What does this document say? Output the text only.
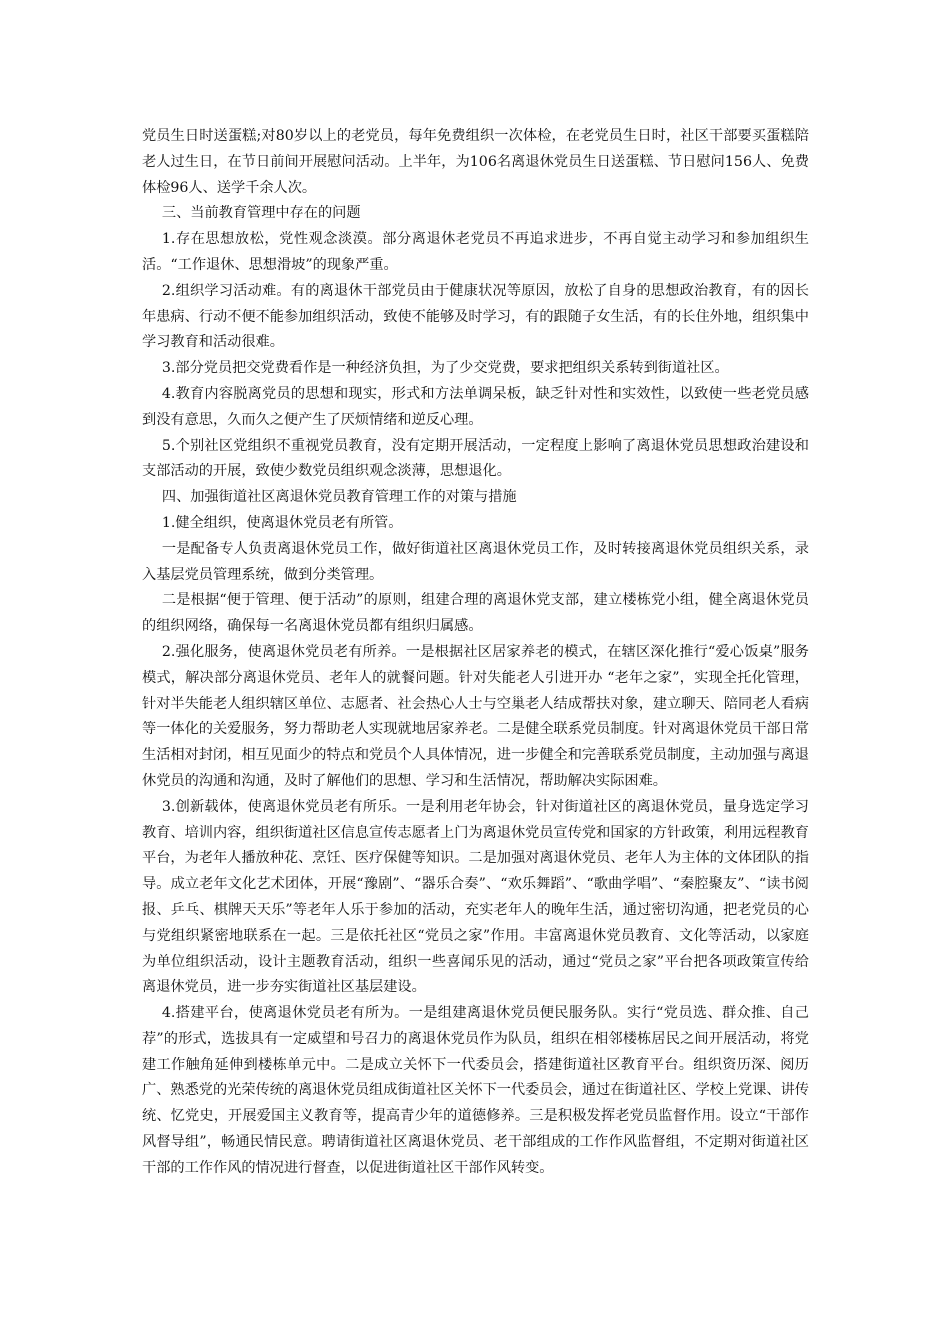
党员生日时送蛋糕;对80岁以上的老党员，每年免费组织一次体检，在老党员生日时，社区干部要买蛋糕陪老人过生日，在节日前间开展慰问活动。上半年，为106名离退休党员生日送蛋糕、节日慰问156人、免费体检96人、送学千余人次。

三、当前教育管理中存在的问题

1.存在思想放松，党性观念淡漠。部分离退休老党员不再追求进步，不再自觉主动学习和参加组织生活。“工作退休、思想滑坡”的现象严重。

2.组织学习活动难。有的离退休干部党员由于健康状况等原因，放松了自身的思想政治教育，有的因长年患病、行动不便不能参加组织活动，致使不能够及时学习，有的跟随子女生活，有的长住外地，组织集中学习教育和活动很难。

3.部分党员把交党费看作是一种经济负担，为了少交党费，要求把组织关系转到街道社区。

4.教育内容脱离党员的思想和现实，形式和方法单调呆板，缺乏针对性和实效性，以致使一些老党员感到没有意思，久而久之便产生了厌烦情绪和逆反心理。

5.个别社区党组织不重视党员教育，没有定期开展活动，一定程度上影响了离退休党员思想政治建设和支部活动的开展，致使少数党员组织观念淡薄，思想退化。

四、加强街道社区离退休党员教育管理工作的对策与措施

1.健全组织，使离退休党员老有所管。

一是配备专人负责离退休党员工作，做好街道社区离退休党员工作，及时转接离退休党员组织关系，录入基层党员管理系统，做到分类管理。

二是根据“便于管理、便于活动”的原则，组建合理的离退休党支部，建立楼栋党小组，健全离退休党员的组织网络，确保每一名离退休党员都有组织归属感。

2.强化服务，使离退休党员老有所养。一是根据社区居家养老的模式，在辖区深化推行“爱心饭桌”服务模式，解决部分离退休党员、老年人的就餐问题。针对失能老人引进开办 “老年之家”，实现全托化管理，针对半失能老人组织辖区单位、志愿者、社会热心人士与空巢老人结成帮扶对象，建立聊天、陪同老人看病等一体化的关爱服务，努力帮助老人实现就地居家养老。二是健全联系党员制度。针对离退休党员干部日常生活相对封闭，相互见面少的特点和党员个人具体情况，进一步健全和完善联系党员制度，主动加强与离退休党员的沟通和沟通，及时了解他们的思想、学习和生活情况，帮助解决实际困难。

3.创新载体，使离退休党员老有所乐。一是利用老年协会，针对街道社区的离退休党员，量身选定学习教育、培训内容，组织街道社区信息宣传志愿者上门为离退休党员宣传党和国家的方针政策，利用远程教育平台，为老年人播放种花、烹饪、医疗保健等知识。二是加强对离退休党员、老年人为主体的文体团队的指导。成立老年文化艺术团体，开展“豫剧”、“器乐合奏”、“欢乐舞蹈”、“歌曲学唱”、“秦腔聚友”、“读书阅报、乒乓、棋牌天天乐”等老年人乐于参加的活动，充实老年人的晚年生活，通过密切沟通，把老党员的心与党组织紧密地联系在一起。三是依托社区“党员之家”作用。丰富离退休党员教育、文化等活动，以家庭为单位组织活动，设计主题教育活动，组织一些喜闻乐见的活动，通过“党员之家”平台把各项政策宣传给离退休党员，进一步夯实街道社区基层建设。

4.搭建平台，使离退休党员老有所为。一是组建离退休党员便民服务队。实行“党员选、群众推、自己荐”的形式，选拔具有一定威望和号召力的离退休党员作为队员，组织在相邻楼栋居民之间开展活动，将党建工作触角延伸到楼栋单元中。二是成立关怀下一代委员会，搭建街道社区教育平台。组织资历深、阅历广、熟悉党的光荣传统的离退休党员组成街道社区关怀下一代委员会，通过在街道社区、学校上党课、讲传统、忆党史，开展爱国主义教育等，提高青少年的道德修养。三是积极发挥老党员监督作用。设立“干部作风督导组”，畅通民情民意。聘请街道社区离退休党员、老干部组成的工作作风监督组，不定期对街道社区干部的工作作风的情况进行督查，以促进街道社区干部作风转变。
